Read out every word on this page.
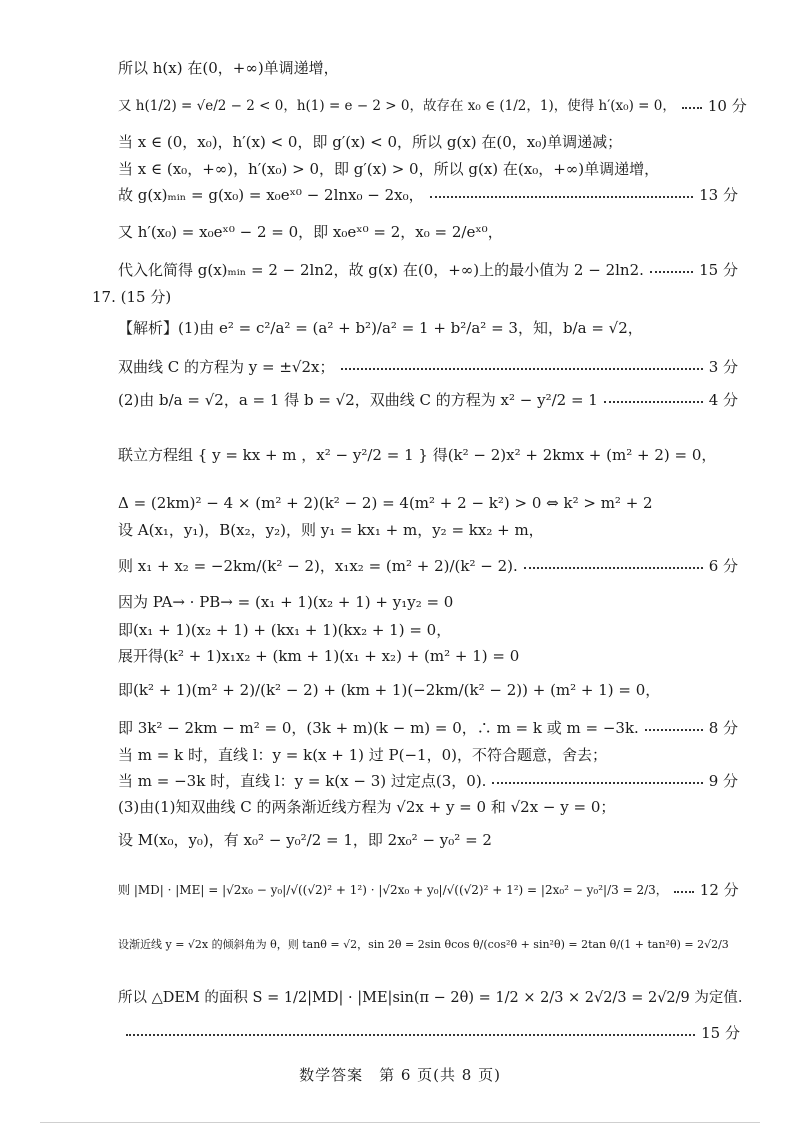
所以 h(x) 在(0，+∞)单调递增，
又 h(1/2) = √e/2 − 2 < 0，h(1) = e − 2 > 0，故存在 x₀ ∈ (1/2，1)，使得 h′(x₀) = 0， 10 分
当 x ∈ (0，x₀)，h′(x) < 0，即 g′(x) < 0，所以 g(x) 在(0，x₀)单调递减；
当 x ∈ (x₀，+∞)，h′(x₀) > 0，即 g′(x) > 0，所以 g(x) 在(x₀，+∞)单调递增，
故 g(x)ₘᵢₙ = g(x₀) = x₀eˣ⁰ − 2lnx₀ − 2x₀，	13 分
又 h′(x₀) = x₀eˣ⁰ − 2 = 0，即 x₀eˣ⁰ = 2，x₀ = 2/eˣ⁰，
代入化简得 g(x)ₘᵢₙ = 2 − 2ln2，故 g(x) 在(0，+∞)上的最小值为 2 − 2ln2.	15 分
17. (15 分)
【解析】(1)由 e² = c²/a² = (a² + b²)/a² = 1 + b²/a² = 3，知，b/a = √2，
双曲线 C 的方程为 y = ±√2x；	3 分
(2)由 b/a = √2，a = 1 得 b = √2，双曲线 C 的方程为 x² − y²/2 = 1	4 分
联立方程组 { y = kx + m ，x² − y²/2 = 1 } 得(k² − 2)x² + 2kmx + (m² + 2) = 0，
Δ = (2km)² − 4 × (m² + 2)(k² − 2) = 4(m² + 2 − k²) > 0 ⇔ k² > m² + 2
设 A(x₁，y₁)，B(x₂，y₂)，则 y₁ = kx₁ + m，y₂ = kx₂ + m，
则 x₁ + x₂ = −2km/(k² − 2)，x₁x₂ = (m² + 2)/(k² − 2).	6 分
因为 PA→ · PB→ = (x₁ + 1)(x₂ + 1) + y₁y₂ = 0
即(x₁ + 1)(x₂ + 1) + (kx₁ + 1)(kx₂ + 1) = 0，
展开得(k² + 1)x₁x₂ + (km + 1)(x₁ + x₂) + (m² + 1) = 0
即(k² + 1)(m² + 2)/(k² − 2) + (km + 1)(−2km/(k² − 2)) + (m² + 1) = 0，
即 3k² − 2km − m² = 0，(3k + m)(k − m) = 0，∴ m = k 或 m = −3k.	8 分
当 m = k 时，直线 l：y = k(x + 1) 过 P(−1，0)，不符合题意，舍去；
当 m = −3k 时，直线 l：y = k(x − 3) 过定点(3，0).	9 分
(3)由(1)知双曲线 C 的两条渐近线方程为 √2x + y = 0 和 √2x − y = 0；
设 M(x₀，y₀)，有 x₀² − y₀²/2 = 1，即 2x₀² − y₀² = 2
则 |MD| · |ME| = |√2x₀ − y₀|/√((√2)² + 1²) · |√2x₀ + y₀|/√((√2)² + 1²) = |2x₀² − y₀²|/3 = 2/3， 12 分
设渐近线 y = √2x 的倾斜角为 θ，则 tanθ = √2，sin 2θ = 2sin θcos θ/(cos²θ + sin²θ) = 2tan θ/(1 + tan²θ) = 2√2/3
所以 △DEM 的面积 S = 1/2|MD| · |ME|sin(π − 2θ) = 1/2 × 2/3 × 2√2/3 = 2√2/9 为定值.
15 分
数学答案　第 6 页(共 8 页)
